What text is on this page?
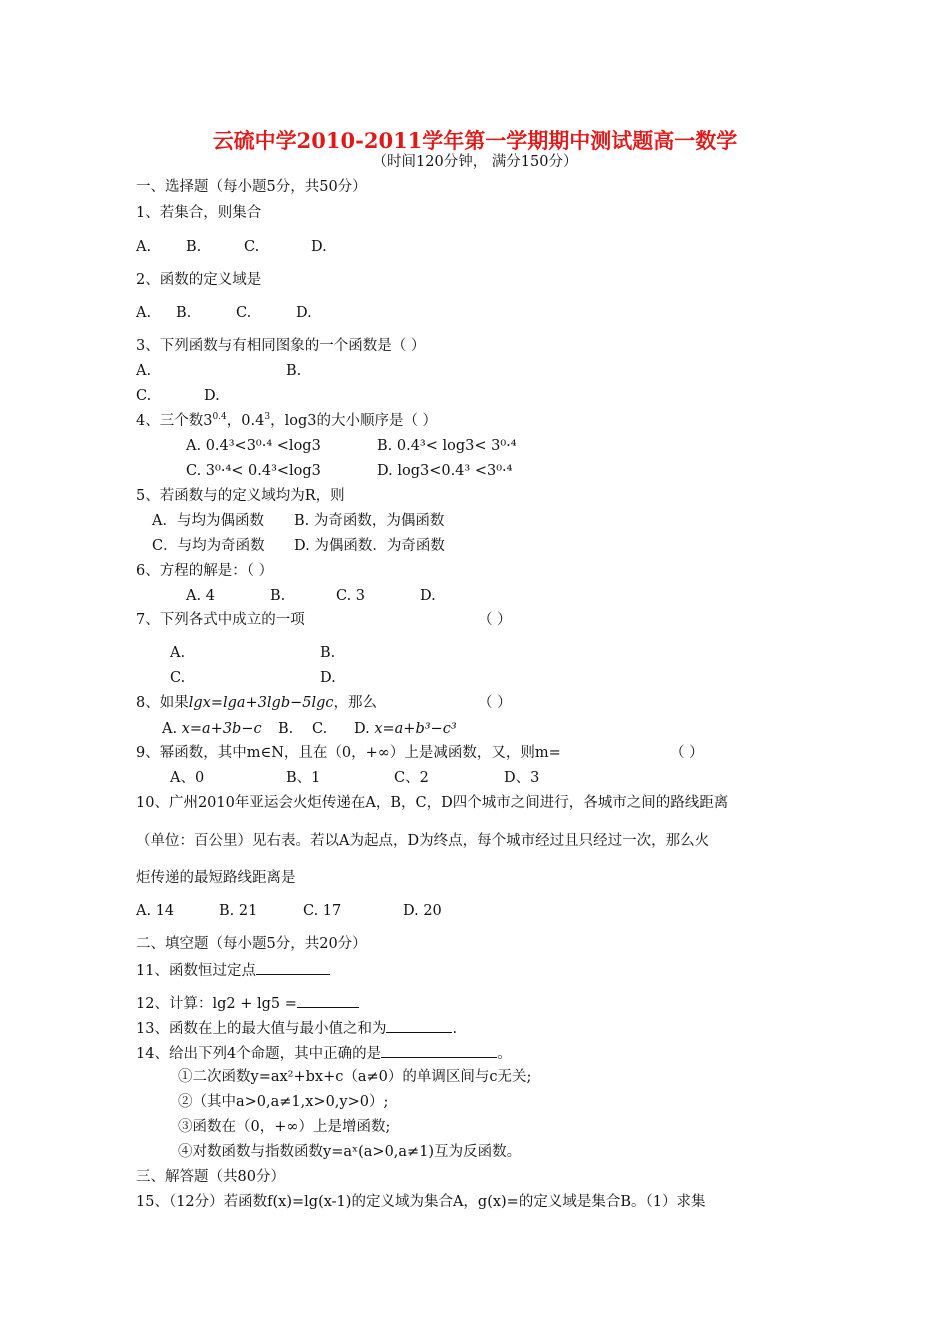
云硫中学2010-2011学年第一学期期中测试题高一数学
（时间120分钟， 满分150分）
一、选择题（每小题5分，共50分）
1、若集合，则集合
A. B.	C.	D.
2、函数的定义域是
A. B.	C.	D.
3、下列函数与有相同图象的一个函数是（ ）
A.	B.
C.	D.
4、三个数$3^{0.4}$，$0.4^3$，log3的大小顺序是（ ）
A. 0.4³<3⁰·⁴ <log3	B. 0.4³< log3< 3⁰·⁴
C. 3⁰·⁴< 0.4³<log3	D. log3<0.4³ <3⁰·⁴
5、若函数与的定义域均为R，则
A．与均为偶函数 B. 为奇函数，为偶函数
C．与均为奇函数 D. 为偶函数．为奇函数
6、方程的解是：（ ）
A. 4	B.	C. 3	D.
7、下列各式中成立的一项	（ ）
A.	B.
C.	D.
8、如果lgx=lga+3lgb−5lgc，那么	（ ）
A. x=a+3b−c B. C. D. x=a+b³−c³
9、幂函数，其中m∈N，且在（0，+∞）上是减函数，又，则m=	（ ）
A、0	B、1	C、2	D、3
10、广州2010年亚运会火炬传递在A，B，C，D四个城市之间进行，各城市之间的路线距离
（单位：百公里）见右表。若以A为起点，D为终点，每个城市经过且只经过一次，那么火
炬传递的最短路线距离是
A. 14	B. 21	C. 17	D. 20
二、填空题（每小题5分，共20分）
11、函数恒过定点
12、计算：lg2 + lg5 =
13、函数在上的最大值与最小值之和为	.
14、给出下列4个命题，其中正确的是	。
①二次函数y=ax²+bx+c（a≠0）的单调区间与c无关;
②（其中a>0,a≠1,x>0,y>0）;
③函数在（0，+∞）上是增函数;
④对数函数与指数函数y=aˣ(a>0,a≠1)互为反函数。
三、解答题（共80分）
15、（12分）若函数f(x)=lg(x-1)的定义域为集合A，g(x)=的定义域是集合B。（1）求集
